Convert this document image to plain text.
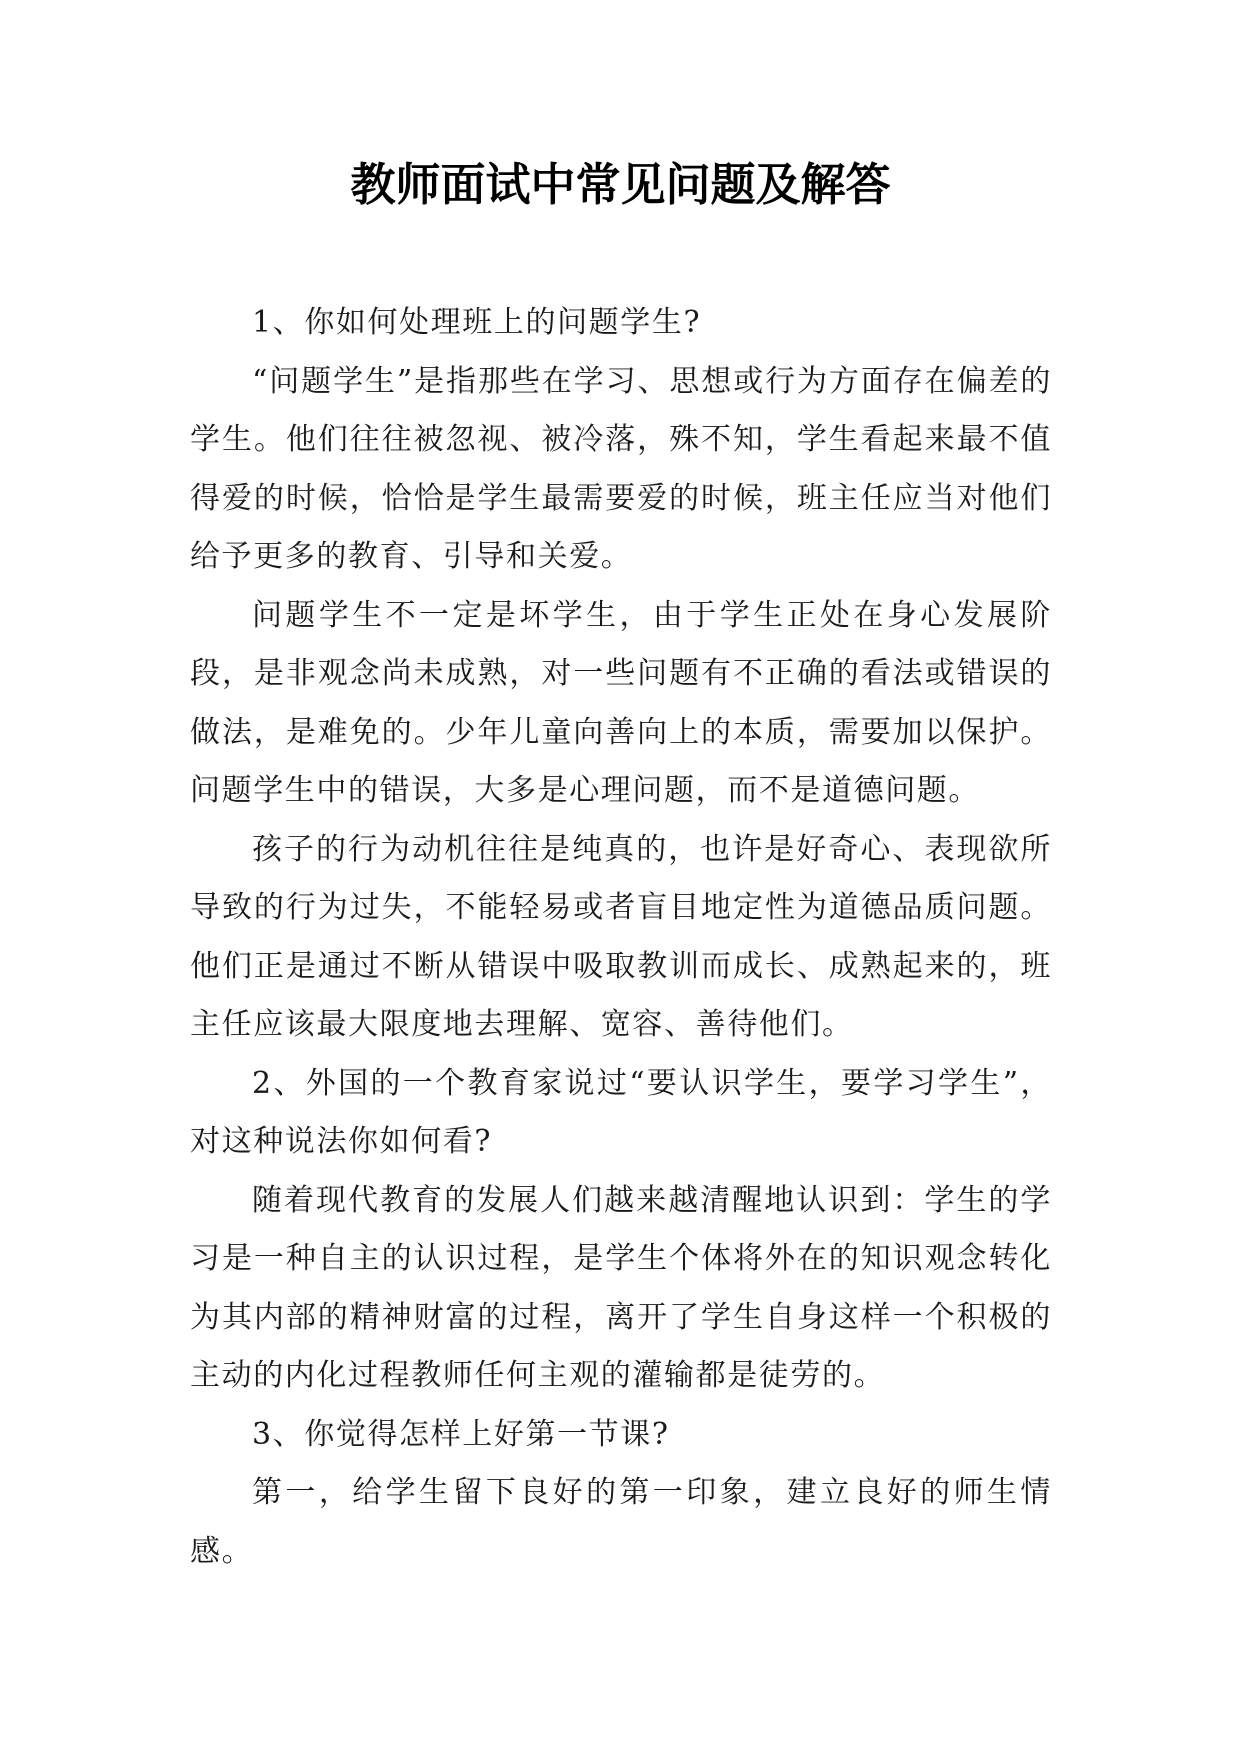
教师面试中常见问题及解答

1、你如何处理班上的问题学生?

“问题学生”是指那些在学习、思想或行为方面存在偏差的学生。他们往往被忽视、被冷落，殊不知，学生看起来最不值得爱的时候，恰恰是学生最需要爱的时候，班主任应当对他们给予更多的教育、引导和关爱。

问题学生不一定是坏学生，由于学生正处在身心发展阶段，是非观念尚未成熟，对一些问题有不正确的看法或错误的做法，是难免的。少年儿童向善向上的本质，需要加以保护。问题学生中的错误，大多是心理问题，而不是道德问题。

孩子的行为动机往往是纯真的，也许是好奇心、表现欲所导致的行为过失，不能轻易或者盲目地定性为道德品质问题。他们正是通过不断从错误中吸取教训而成长、成熟起来的，班主任应该最大限度地去理解、宽容、善待他们。

2、外国的一个教育家说过“要认识学生，要学习学生”，对这种说法你如何看?

随着现代教育的发展人们越来越清醒地认识到：学生的学习是一种自主的认识过程，是学生个体将外在的知识观念转化为其内部的精神财富的过程，离开了学生自身这样一个积极的主动的内化过程教师任何主观的灌输都是徒劳的。

3、你觉得怎样上好第一节课?

第一，给学生留下良好的第一印象，建立良好的师生情感。
